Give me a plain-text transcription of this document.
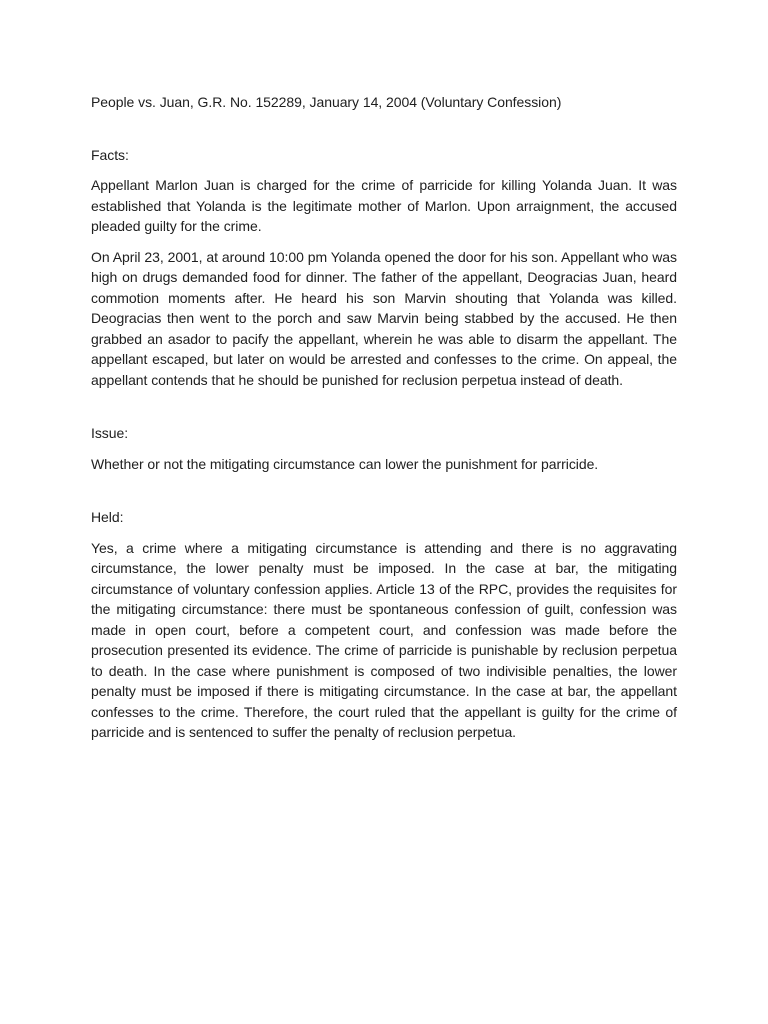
People vs. Juan, G.R. No. 152289, January 14, 2004 (Voluntary Confession)

Facts:

Appellant Marlon Juan is charged for the crime of parricide for killing Yolanda Juan. It was established that Yolanda is the legitimate mother of Marlon. Upon arraignment, the accused pleaded guilty for the crime.

On April 23, 2001, at around 10:00 pm Yolanda opened the door for his son. Appellant who was high on drugs demanded food for dinner. The father of the appellant, Deogracias Juan, heard commotion moments after. He heard his son Marvin shouting that Yolanda was killed. Deogracias then went to the porch and saw Marvin being stabbed by the accused. He then grabbed an asador to pacify the appellant, wherein he was able to disarm the appellant. The appellant escaped, but later on would be arrested and confesses to the crime. On appeal, the appellant contends that he should be punished for reclusion perpetua instead of death.

Issue:

Whether or not the mitigating circumstance can lower the punishment for parricide.

Held:

Yes, a crime where a mitigating circumstance is attending and there is no aggravating circumstance, the lower penalty must be imposed. In the case at bar, the mitigating circumstance of voluntary confession applies. Article 13 of the RPC, provides the requisites for the mitigating circumstance: there must be spontaneous confession of guilt, confession was made in open court, before a competent court, and confession was made before the prosecution presented its evidence. The crime of parricide is punishable by reclusion perpetua to death. In the case where punishment is composed of two indivisible penalties, the lower penalty must be imposed if there is mitigating circumstance. In the case at bar, the appellant confesses to the crime. Therefore, the court ruled that the appellant is guilty for the crime of parricide and is sentenced to suffer the penalty of reclusion perpetua.
